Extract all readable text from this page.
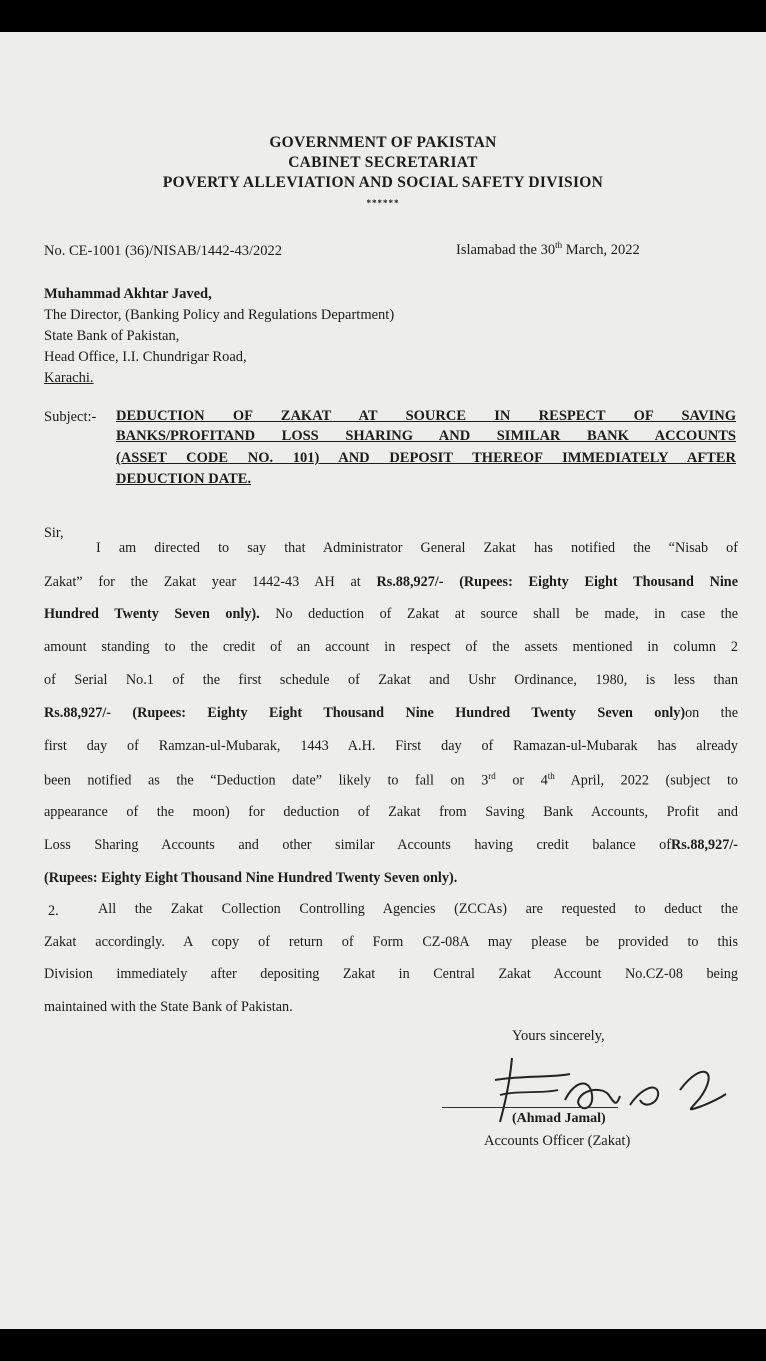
GOVERNMENT OF PAKISTAN
CABINET SECRETARIAT
POVERTY ALLEVIATION AND SOCIAL SAFETY DIVISION
******
No. CE-1001 (36)/NISAB/1442-43/2022	Islamabad the 30th March, 2022
Muhammad Akhtar Javed,
The Director, (Banking Policy and Regulations Department)
State Bank of Pakistan,
Head Office, I.I. Chundrigar Road,
Karachi.
Subject:- DEDUCTION OF ZAKAT AT SOURCE IN RESPECT OF SAVING
BANKS/PROFITAND LOSS SHARING AND SIMILAR BANK ACCOUNTS
(ASSET CODE NO. 101) AND DEPOSIT THEREOF IMMEDIATELY AFTER
DEDUCTION DATE.
Sir,
I am directed to say that Administrator General Zakat has notified the “Nisab of
Zakat” for the Zakat year 1442-43 AH at Rs.88,927/- (Rupees: Eighty Eight Thousand Nine
Hundred Twenty Seven only). No deduction of Zakat at source shall be made, in case the
amount standing to the credit of an account in respect of the assets mentioned in column 2
of Serial No.1 of the first schedule of Zakat and Ushr Ordinance, 1980, is less than
Rs.88,927/- (Rupees: Eighty Eight Thousand Nine Hundred Twenty Seven only)on the
first day of Ramzan-ul-Mubarak, 1443 A.H. First day of Ramazan-ul-Mubarak has already
been notified as the “Deduction date” likely to fall on 3rd or 4th April, 2022 (subject to
appearance of the moon) for deduction of Zakat from Saving Bank Accounts, Profit and
Loss Sharing Accounts and other similar Accounts having credit balance ofRs.88,927/-
(Rupees: Eighty Eight Thousand Nine Hundred Twenty Seven only).
2.	All the Zakat Collection Controlling Agencies (ZCCAs) are requested to deduct the
Zakat accordingly. A copy of return of Form CZ-08A may please be provided to this
Division immediately after depositing Zakat in Central Zakat Account No.CZ-08 being
maintained with the State Bank of Pakistan.
Yours sincerely,
(Ahmad Jamal)
Accounts Officer (Zakat)
